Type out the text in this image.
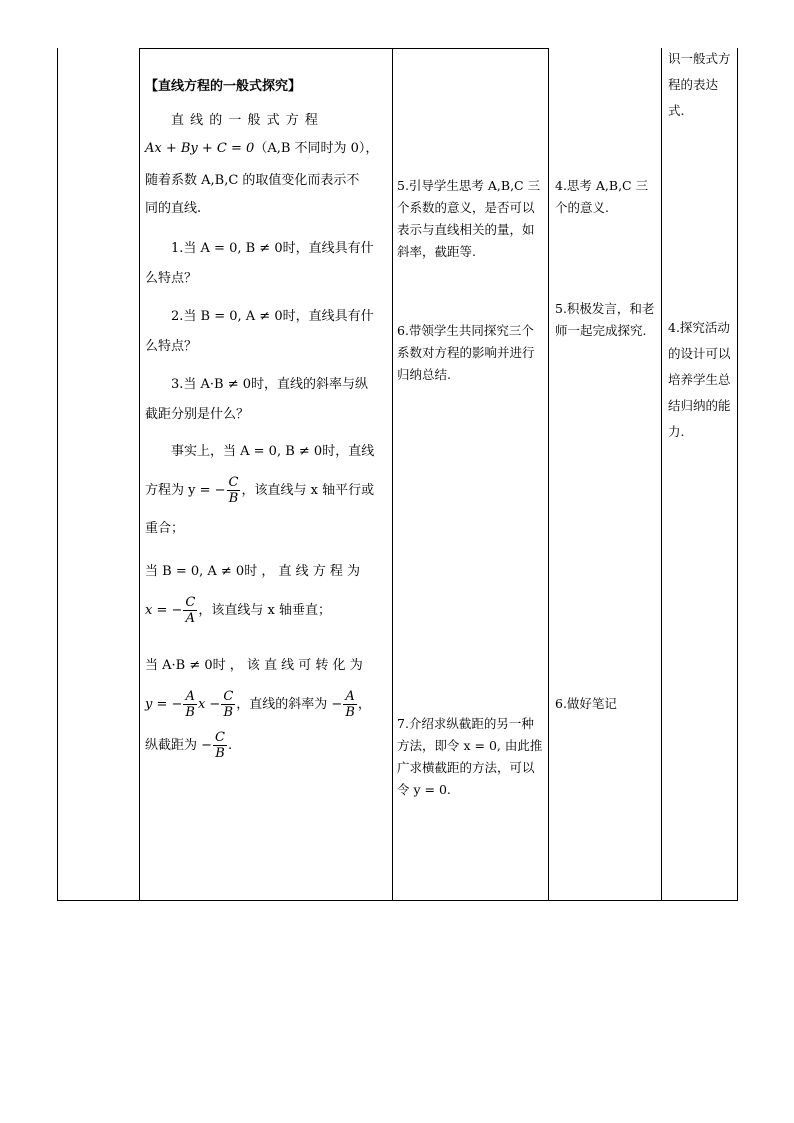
【直线方程的一般式探究】

直 线 的 一 般 式 方 程

Ax + By + C = 0（A,B 不同时为 0），

随着系数 A,B,C 的取值变化而表示不

同的直线.

1.当 A = 0, B ≠ 0时，直线具有什

么特点？

2.当 B = 0, A ≠ 0时，直线具有什

么特点？

3.当 A·B ≠ 0时，直线的斜率与纵

截距分别是什么？

事实上，当 A = 0, B ≠ 0时，直线

方程为 y = − $\frac{C}{B}$ ，该直线与 x 轴平行或

重合；

当 B = 0, A ≠ 0时 ， 直 线 方 程 为

x = − $\frac{C}{A}$ ，该直线与 x 轴垂直；

当 A·B ≠ 0时 ， 该 直 线 可 转 化 为

y = − $\frac{A}{B}$ $x - \frac{C}{B}$ ，直线的斜率为 − $\frac{A}{B}$ ，

纵截距为 − $\frac{C}{B}$ .

5.引导学生思考 A,B,C 三个系数的意义，是否可以表示与直线相关的量，如斜率，截距等.

6.带领学生共同探究三个系数对方程的影响并进行归纳总结.

7.介绍求纵截距的另一种方法，即令 x = 0, 由此推广求横截距的方法，可以令 y = 0.

4.思考 A,B,C 三个的意义.

5.积极发言，和老师一起完成探究.

6.做好笔记

识一般式方程的表达式.

4.探究活动的设计可以培养学生总结归纳的能力.
